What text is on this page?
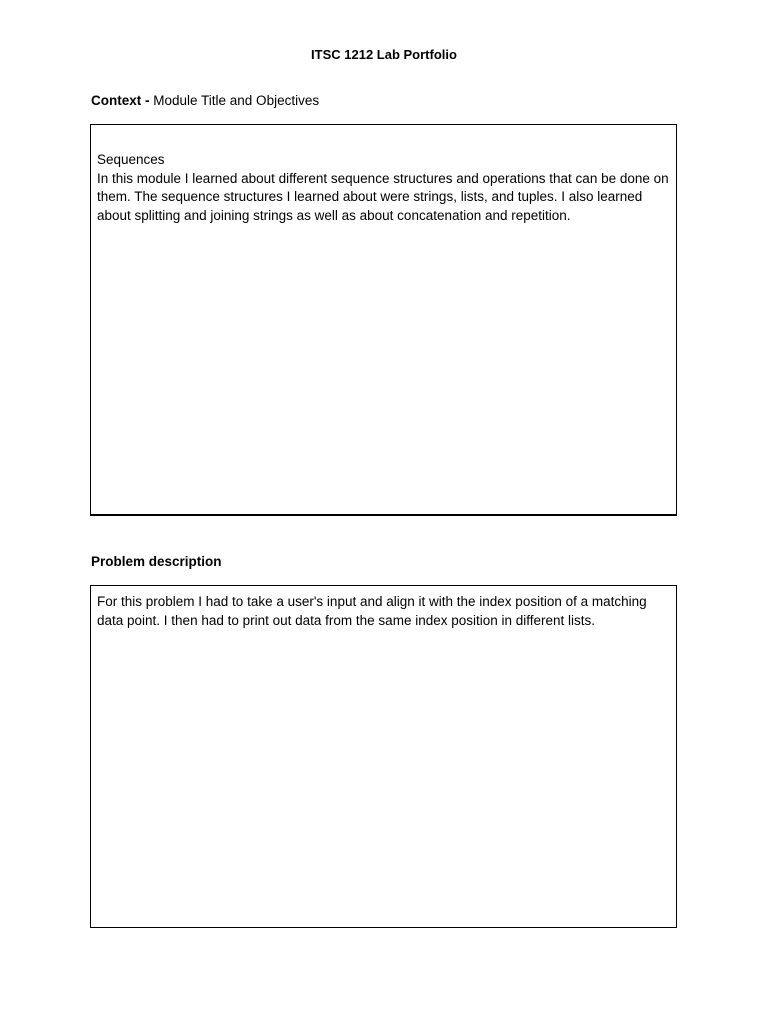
ITSC 1212 Lab Portfolio
Context - Module Title and Objectives

Sequences

In this module I learned about different sequence structures and operations that can be done on them. The sequence structures I learned about were strings, lists, and tuples. I also learned about splitting and joining strings as well as about concatenation and repetition.

Problem description

For this problem I had to take a user's input and align it with the index position of a matching data point. I then had to print out data from the same index position in different lists.
